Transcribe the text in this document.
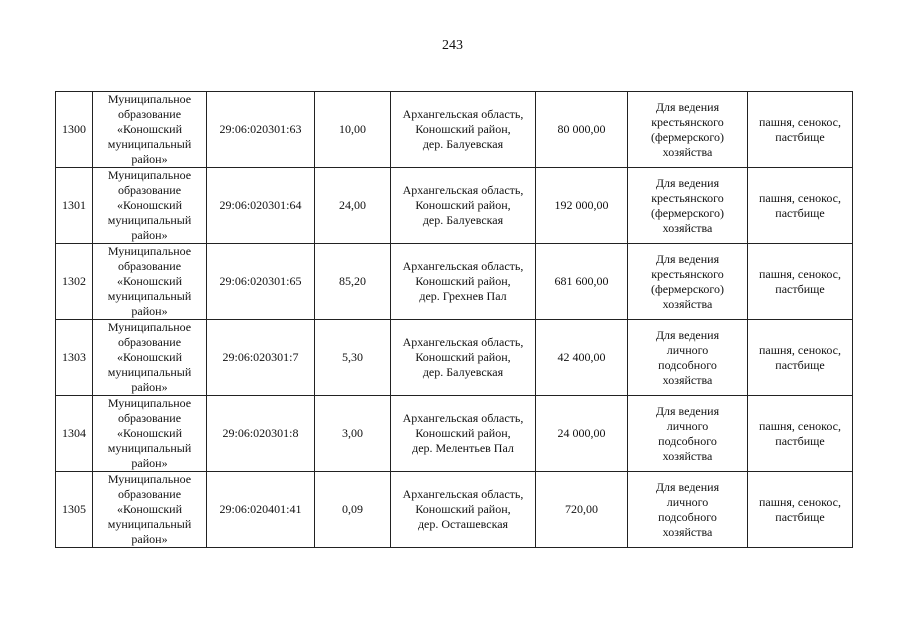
243
1300	Муниципальное
образование
«Коношский
муниципальный
район»	29:06:020301:63	10,00	Архангельская область,
Коношский район,
дер. Балуевская	80 000,00	Для ведения
крестьянского
(фермерского)
хозяйства	пашня, сенокос,
пастбище
1301	Муниципальное
образование
«Коношский
муниципальный
район»	29:06:020301:64	24,00	Архангельская область,
Коношский район,
дер. Балуевская	192 000,00	Для ведения
крестьянского
(фермерского)
хозяйства	пашня, сенокос,
пастбище
1302	Муниципальное
образование
«Коношский
муниципальный
район»	29:06:020301:65	85,20	Архангельская область,
Коношский район,
дер. Грехнев Пал	681 600,00	Для ведения
крестьянского
(фермерского)
хозяйства	пашня, сенокос,
пастбище
1303	Муниципальное
образование
«Коношский
муниципальный
район»	29:06:020301:7	5,30	Архангельская область,
Коношский район,
дер. Балуевская	42 400,00	Для ведения
личного
подсобного
хозяйства	пашня, сенокос,
пастбище
1304	Муниципальное
образование
«Коношский
муниципальный
район»	29:06:020301:8	3,00	Архангельская область,
Коношский район,
дер. Мелентьев Пал	24 000,00	Для ведения
личного
подсобного
хозяйства	пашня, сенокос,
пастбище
1305	Муниципальное
образование
«Коношский
муниципальный
район»	29:06:020401:41	0,09	Архангельская область,
Коношский район,
дер. Осташевская	720,00	Для ведения
личного
подсобного
хозяйства	пашня, сенокос,
пастбище
